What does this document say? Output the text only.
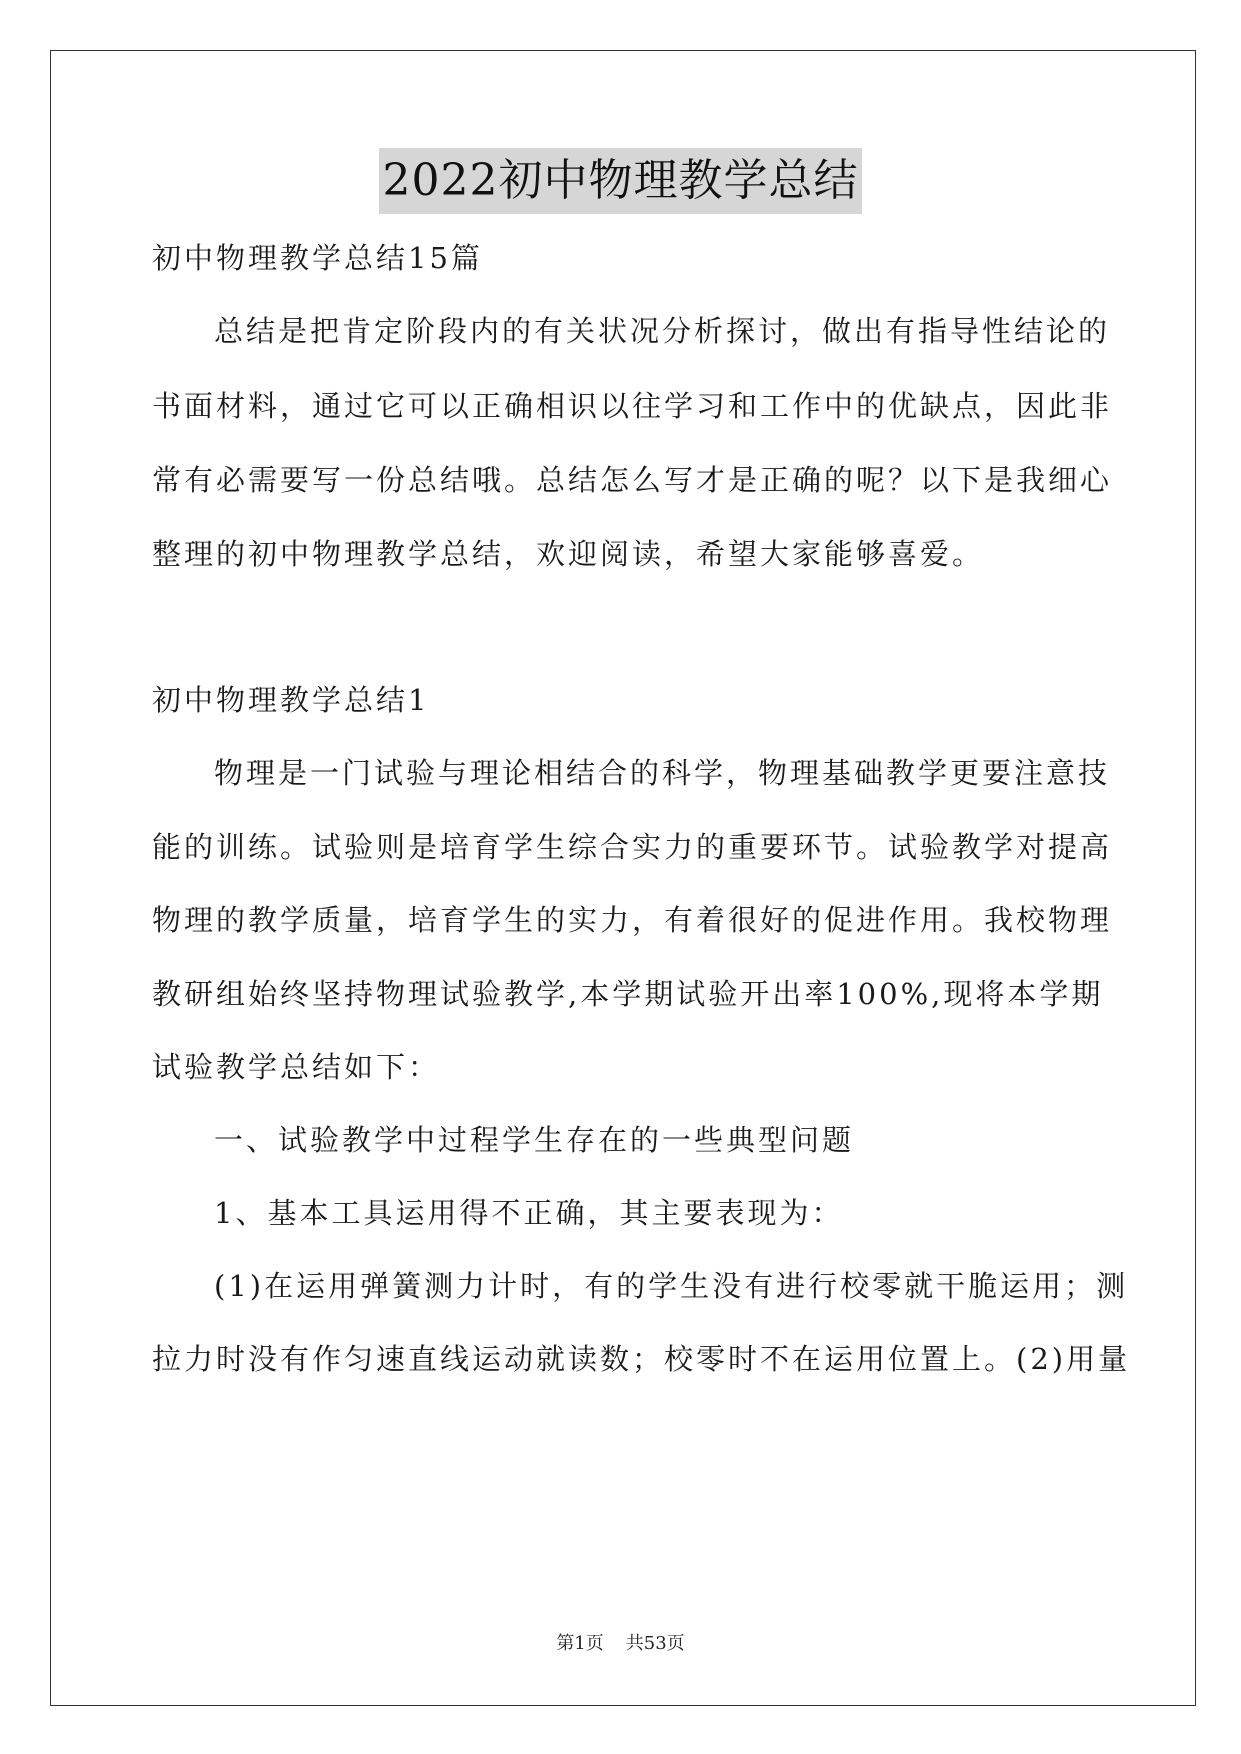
2022初中物理教学总结
初中物理教学总结15篇
总结是把肯定阶段内的有关状况分析探讨，做出有指导性结论的
书面材料，通过它可以正确相识以往学习和工作中的优缺点，因此非
常有必需要写一份总结哦。总结怎么写才是正确的呢？以下是我细心
整理的初中物理教学总结，欢迎阅读，希望大家能够喜爱。
初中物理教学总结1
物理是一门试验与理论相结合的科学，物理基础教学更要注意技
能的训练。试验则是培育学生综合实力的重要环节。试验教学对提高
物理的教学质量，培育学生的实力，有着很好的促进作用。我校物理
教研组始终坚持物理试验教学,本学期试验开出率100%,现将本学期
试验教学总结如下：
一、试验教学中过程学生存在的一些典型问题
1、基本工具运用得不正确，其主要表现为：
(1)在运用弹簧测力计时，有的学生没有进行校零就干脆运用；测
拉力时没有作匀速直线运动就读数；校零时不在运用位置上。(2)用量
第1页 共53页
